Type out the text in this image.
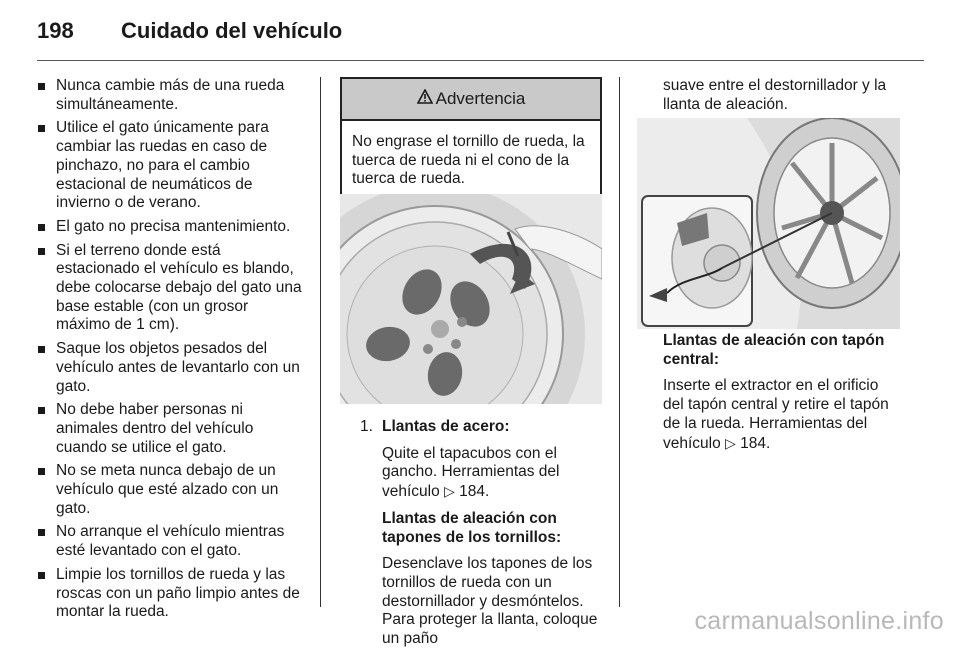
198 Cuidado del vehículo
Nunca cambie más de una rueda simultáneamente.
Utilice el gato únicamente para cambiar las ruedas en caso de pinchazo, no para el cambio estacional de neumáticos de invierno o de verano.
El gato no precisa mantenimiento.
Si el terreno donde está estacionado el vehículo es blando, debe colocarse debajo del gato una base estable (con un grosor máximo de 1 cm).
Saque los objetos pesados del vehículo antes de levantarlo con un gato.
No debe haber personas ni animales dentro del vehículo cuando se utilice el gato.
No se meta nunca debajo de un vehículo que esté alzado con un gato.
No arranque el vehículo mientras esté levantado con el gato.
Limpie los tornillos de rueda y las roscas con un paño limpio antes de montar la rueda.
Advertencia
No engrase el tornillo de rueda, la tuerca de rueda ni el cono de la tuerca de rueda.
1. Llantas de acero:

Quite el tapacubos con el gancho. Herramientas del vehículo ▷ 184.

Llantas de aleación con tapones de los tornillos:

Desenclave los tapones de los tornillos de rueda con un destornillador y desmóntelos. Para proteger la llanta, coloque un paño

suave entre el destornillador y la llanta de aleación.

Llantas de aleación con tapón central:

Inserte el extractor en el orificio del tapón central y retire el tapón de la rueda. Herramientas del vehículo ▷ 184.

carmanualsonline.info
